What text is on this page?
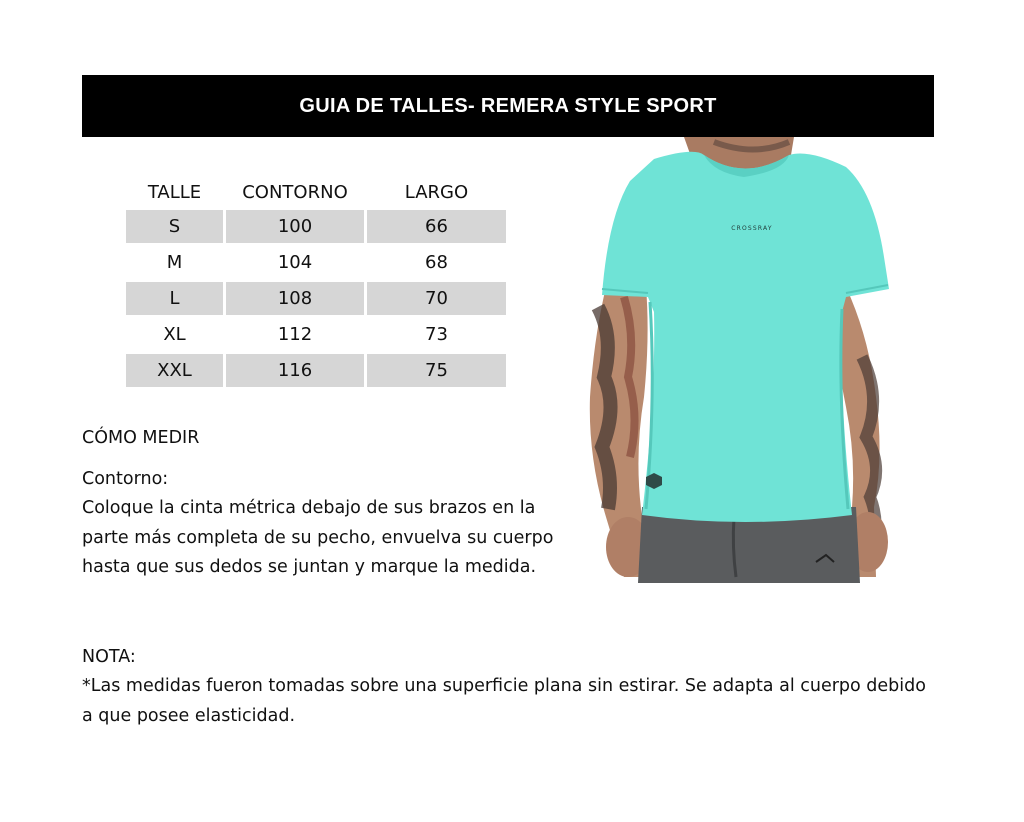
GUIA DE TALLES- REMERA STYLE SPORT
TALLE	CONTORNO	LARGO
S	100	66
M	104	68
L	108	70
XL	112	73
XXL	116	75
CÓMO MEDIR
Contorno:
Coloque la cinta métrica debajo de sus brazos en la parte más completa de su pecho, envuelva su cuerpo hasta que sus dedos se juntan y marque la medida.
NOTA:
*Las medidas fueron tomadas sobre una superficie plana sin estirar. Se adapta al cuerpo debido a que posee elasticidad.
CROSSRAY
